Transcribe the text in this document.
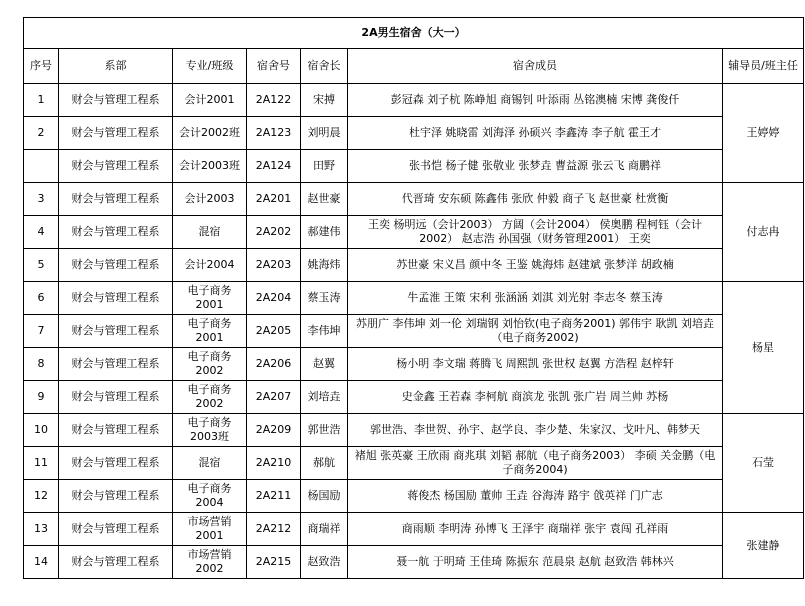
2A男生宿舍（大一）						
序号	系部	专业/班级	宿舍号	宿舍长	宿舍成员	辅导员/班主任
1	财会与管理工程系	会计2001	2A122	宋搏	彭冠森 刘子杭 陈峥旭 商锡钊 叶添雨 丛铭澳楠 宋博 龚俊仟	王婷婷
2	财会与管理工程系	会计2002班	2A123	刘明晨	杜宇泽 姚晓雷 刘海泽 孙硕兴 李鑫涛 李子航 霍王才	
	财会与管理工程系	会计2003班	2A124	田野	张书恺 杨子健 张敬业 张梦垚 曹益源 张云飞 商鹏祥	
3	财会与管理工程系	会计2003	2A201	赵世豪	代晋琦 安东硕 陈鑫伟 张欣 仲毅 商子飞 赵世豪 杜赏衡	付志冉
4	财会与管理工程系	混宿	2A202	郝建伟	王奕 杨明远（会计2003） 方阔（会计2004） 侯奥鹏 程柯钰（会计2002） 赵志浩 孙国强（财务管理2001） 王奕	
5	财会与管理工程系	会计2004	2A203	姚海炜	苏世豪 宋义昌 颜中冬 王鉴 姚海炜 赵建斌 张梦洋 胡政楠	
6	财会与管理工程系	电子商务2001	2A204	蔡玉涛	牛孟淮 王策 宋利 张涵涵 刘淇 刘光射 李志冬 蔡玉涛	杨星
7	财会与管理工程系	电子商务2001	2A205	李伟坤	苏朋广 李伟坤 刘一伦 刘瑞钢 刘怡钦(电子商务2001) 郭伟宇 耿凯 刘培垚（电子商务2002)	
8	财会与管理工程系	电子商务2002	2A206	赵翼	杨小明 李文瑞 蒋腾飞 周熙凯 张世权 赵翼 方浩程 赵梓轩	
9	财会与管理工程系	电子商务2002	2A207	刘培垚	史金鑫 王若森 李柯航 商滨龙 张凯 张广岩 周兰帅 苏杨	
10	财会与管理工程系	电子商务2003班	2A209	郭世浩	郭世浩、李世贺、孙宇、赵学良、李少楚、朱家汉、戈叶凡、韩梦天	石莹
11	财会与管理工程系	混宿	2A210	郝航	褚旭 张英豪 王欣雨 商兆琪 刘韬 郝航（电子商务2003） 李硕 关金鹏（电子商务2004)	
12	财会与管理工程系	电子商务2004	2A211	杨国励	蒋俊杰 杨国励 董帅 王垚 谷海涛 路宇 戗英祥 门广志	
13	财会与管理工程系	市场营销2001	2A212	商瑞祥	商雨顺 李明涛 孙博飞 王泽宇 商瑞祥 张宇 袁闯 孔祥雨	张建静
14	财会与管理工程系	市场营销2002	2A215	赵致浩	聂一航 于明琦 王佳琦 陈振东 范晨泉 赵航 赵致浩 韩林兴	
